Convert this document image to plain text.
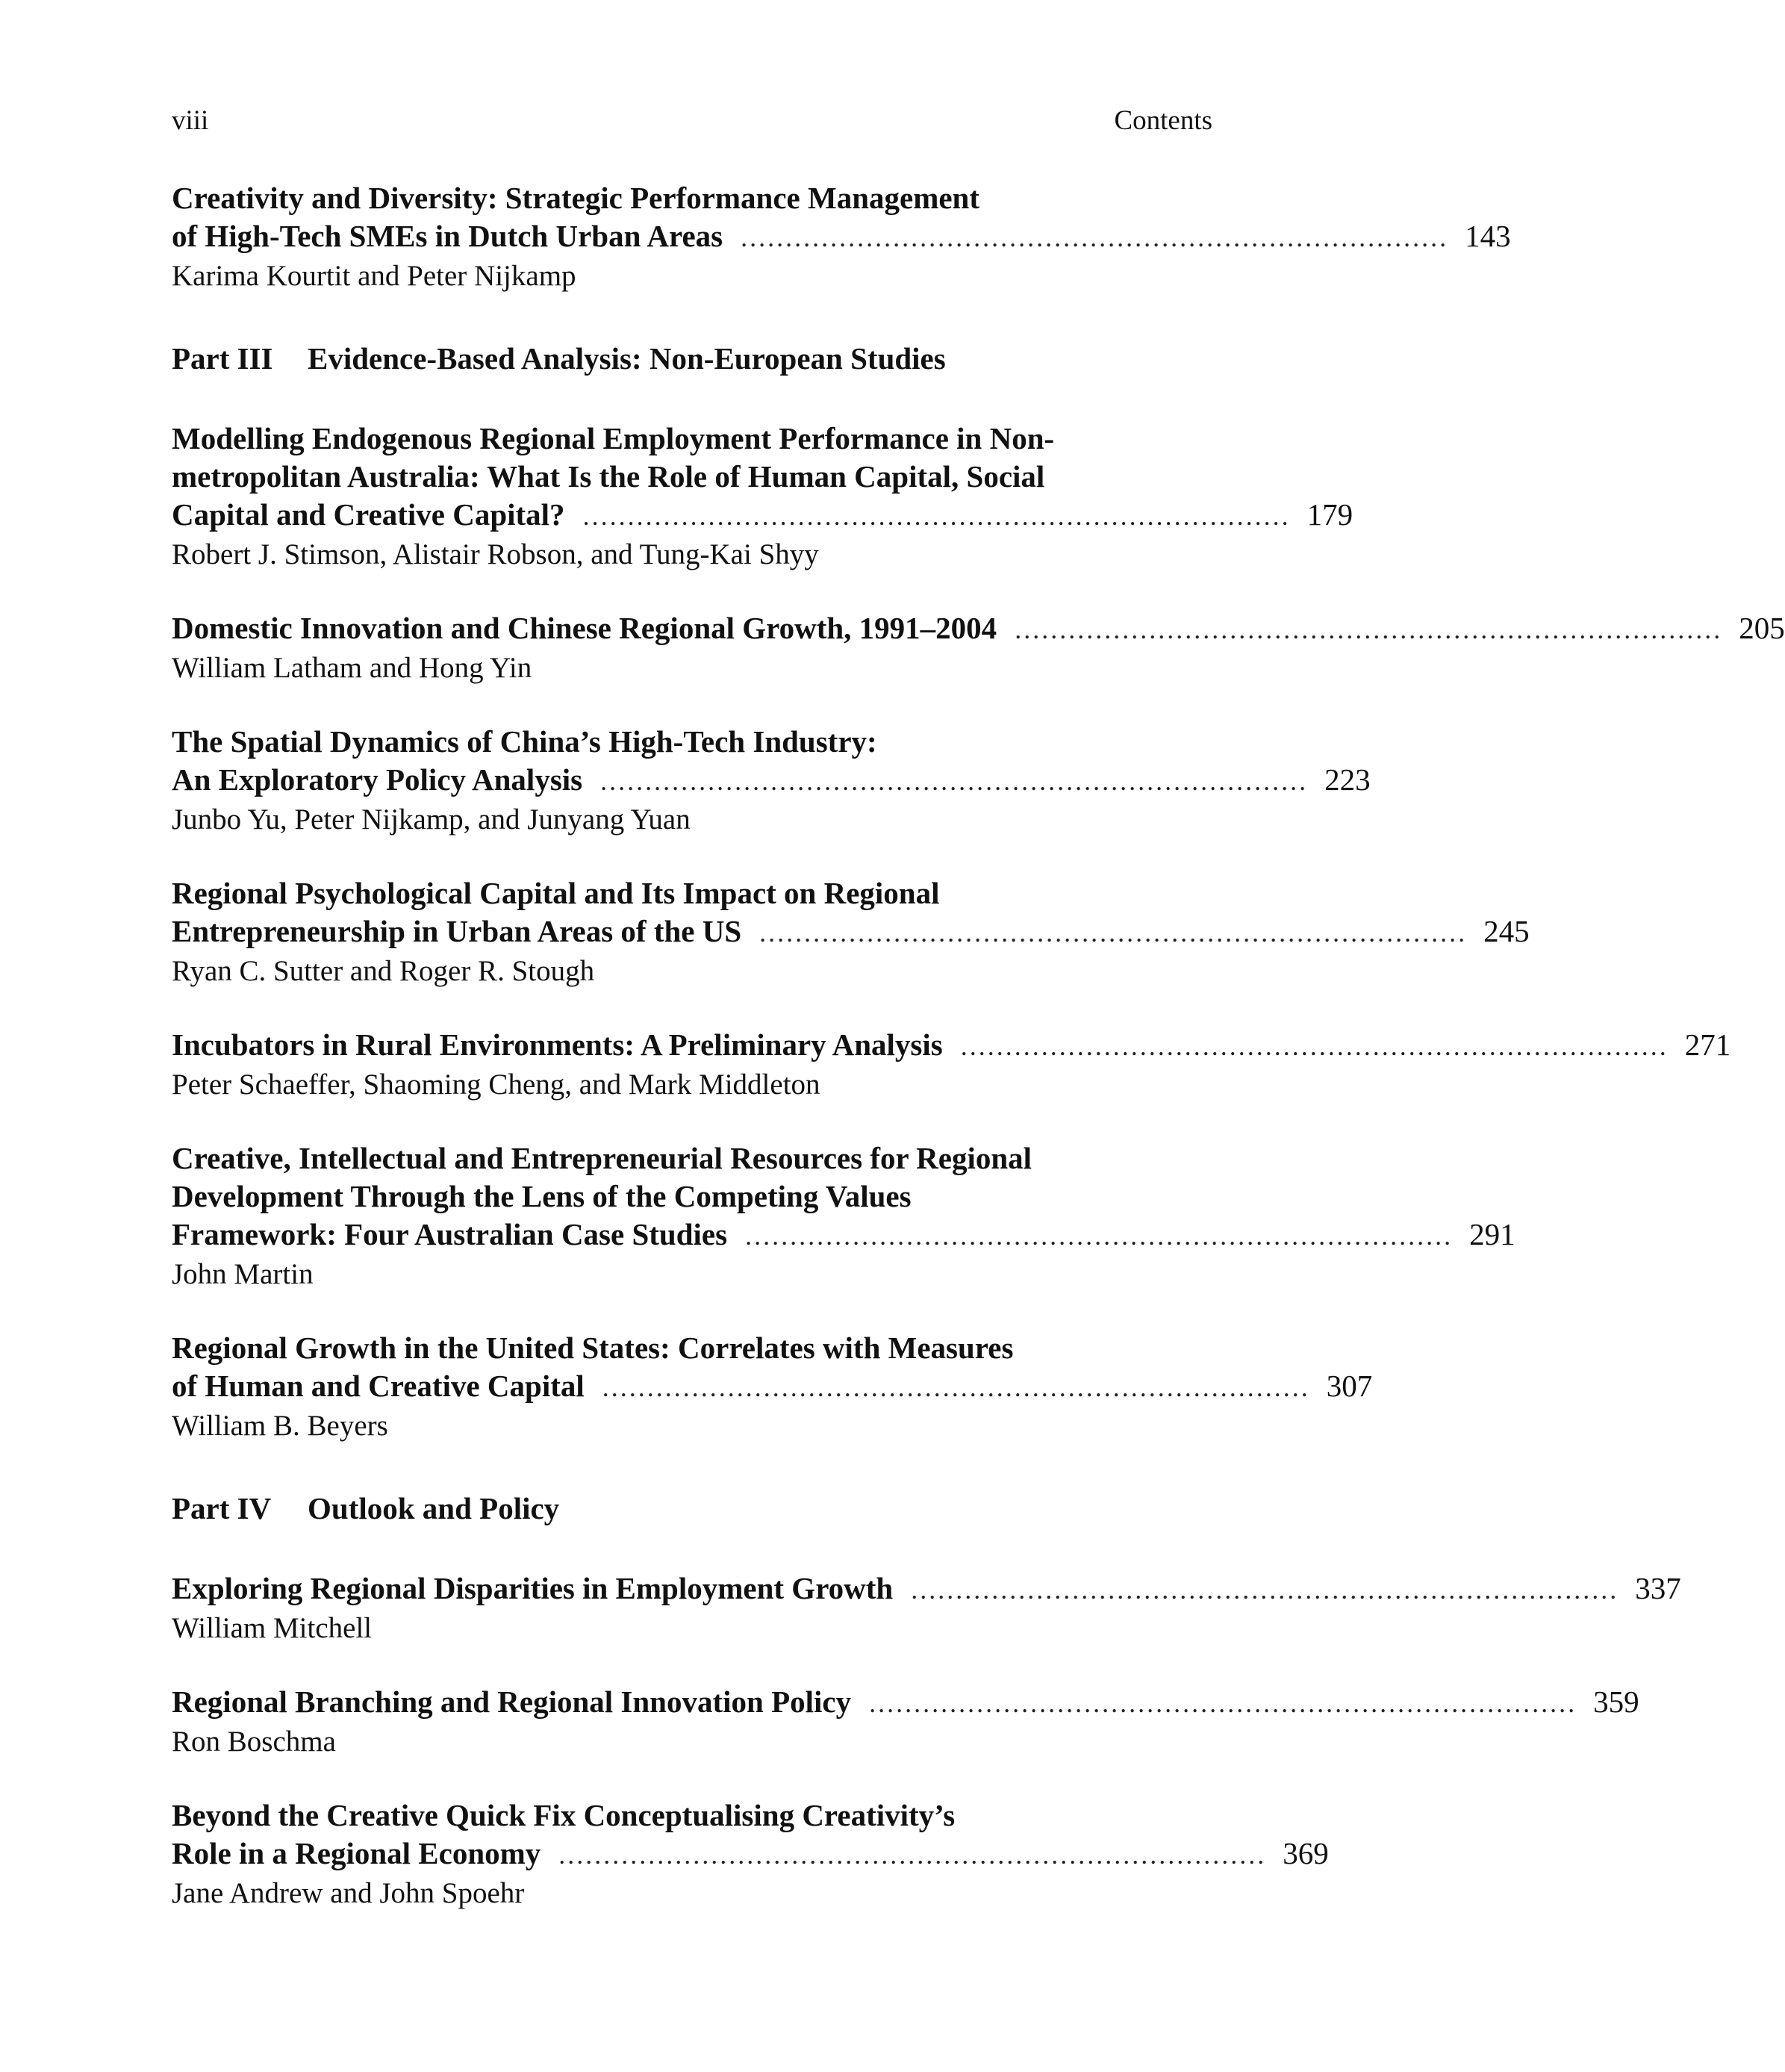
viii	Contents
Creativity and Diversity: Strategic Performance Management
of High-Tech SMEs in Dutch Urban Areas ............................................................................... 143
Karima Kourtit and Peter Nijkamp
Part III Evidence-Based Analysis: Non-European Studies
Modelling Endogenous Regional Employment Performance in Non-
metropolitan Australia: What Is the Role of Human Capital, Social
Capital and Creative Capital? ............................................................................... 179
Robert J. Stimson, Alistair Robson, and Tung-Kai Shyy
Domestic Innovation and Chinese Regional Growth, 1991–2004 ............................................................................... 205
William Latham and Hong Yin
The Spatial Dynamics of China’s High-Tech Industry:
An Exploratory Policy Analysis ............................................................................... 223
Junbo Yu, Peter Nijkamp, and Junyang Yuan
Regional Psychological Capital and Its Impact on Regional
Entrepreneurship in Urban Areas of the US ............................................................................... 245
Ryan C. Sutter and Roger R. Stough
Incubators in Rural Environments: A Preliminary Analysis ............................................................................... 271
Peter Schaeffer, Shaoming Cheng, and Mark Middleton
Creative, Intellectual and Entrepreneurial Resources for Regional
Development Through the Lens of the Competing Values
Framework: Four Australian Case Studies ............................................................................... 291
John Martin
Regional Growth in the United States: Correlates with Measures
of Human and Creative Capital ............................................................................... 307
William B. Beyers
Part IV Outlook and Policy
Exploring Regional Disparities in Employment Growth ............................................................................... 337
William Mitchell
Regional Branching and Regional Innovation Policy ............................................................................... 359
Ron Boschma
Beyond the Creative Quick Fix Conceptualising Creativity’s
Role in a Regional Economy ............................................................................... 369
Jane Andrew and John Spoehr
